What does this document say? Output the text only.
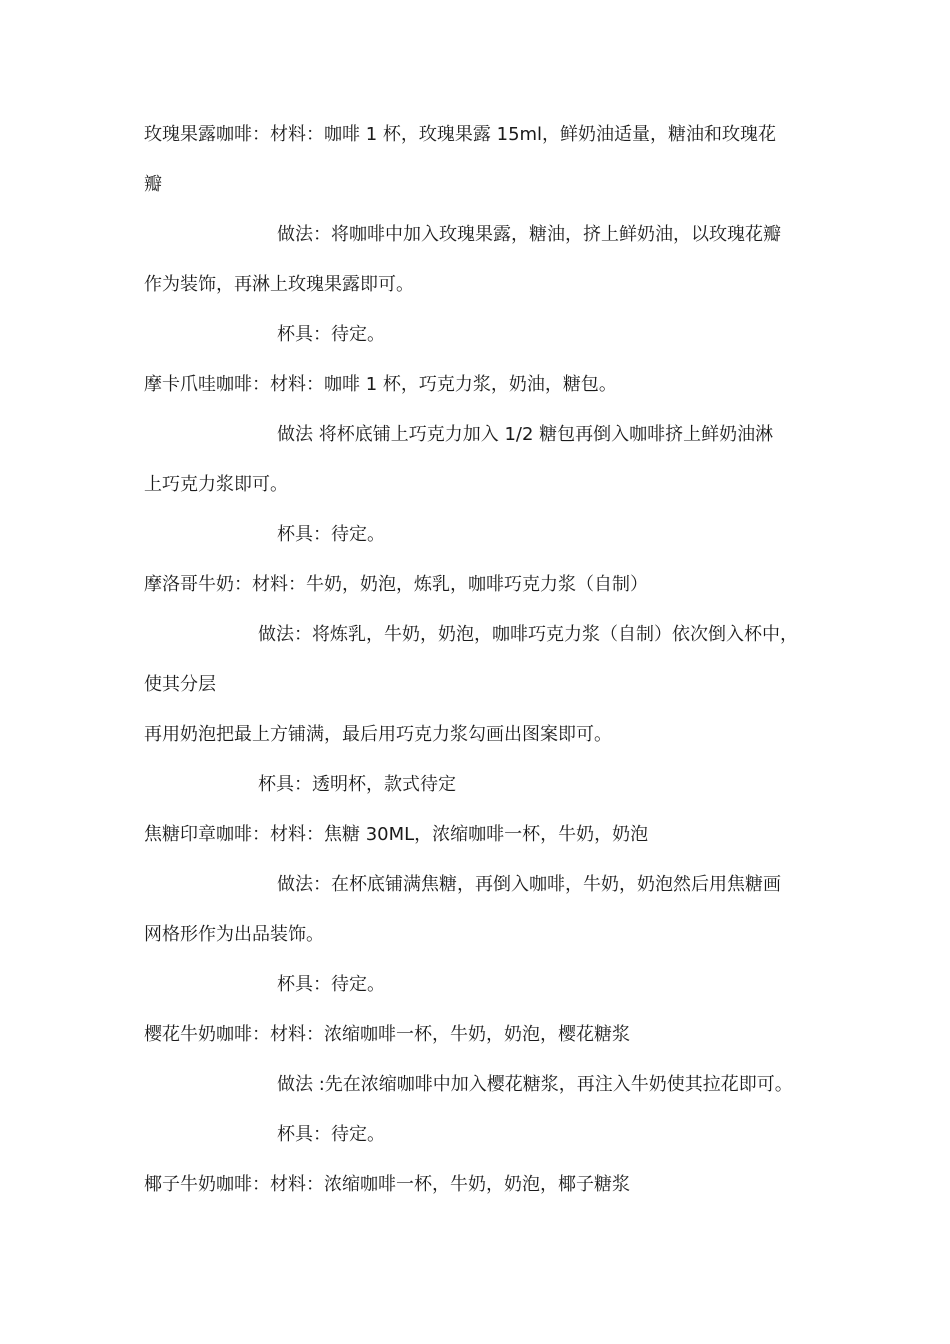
玫瑰果露咖啡：材料：咖啡 1 杯，玫瑰果露 15ml，鲜奶油适量，糖油和玫瑰花
瓣
做法：将咖啡中加入玫瑰果露，糖油，挤上鲜奶油，以玫瑰花瓣
作为装饰，再淋上玫瑰果露即可。
杯具：待定。
摩卡爪哇咖啡：材料：咖啡 1 杯，巧克力浆，奶油，糖包。
做法 将杯底铺上巧克力加入 1/2 糖包再倒入咖啡挤上鲜奶油淋
上巧克力浆即可。
杯具：待定。
摩洛哥牛奶：材料：牛奶，奶泡，炼乳，咖啡巧克力浆（自制）
做法：将炼乳，牛奶，奶泡，咖啡巧克力浆（自制）依次倒入杯中，
使其分层
再用奶泡把最上方铺满，最后用巧克力浆勾画出图案即可。
杯具：透明杯，款式待定
焦糖印章咖啡：材料：焦糖 30ML，浓缩咖啡一杯，牛奶，奶泡
做法：在杯底铺满焦糖，再倒入咖啡，牛奶，奶泡然后用焦糖画
网格形作为出品装饰。
杯具：待定。
樱花牛奶咖啡：材料：浓缩咖啡一杯，牛奶，奶泡，樱花糖浆
做法 :先在浓缩咖啡中加入樱花糖浆，再注入牛奶使其拉花即可。
杯具：待定。
椰子牛奶咖啡：材料：浓缩咖啡一杯，牛奶，奶泡，椰子糖浆
